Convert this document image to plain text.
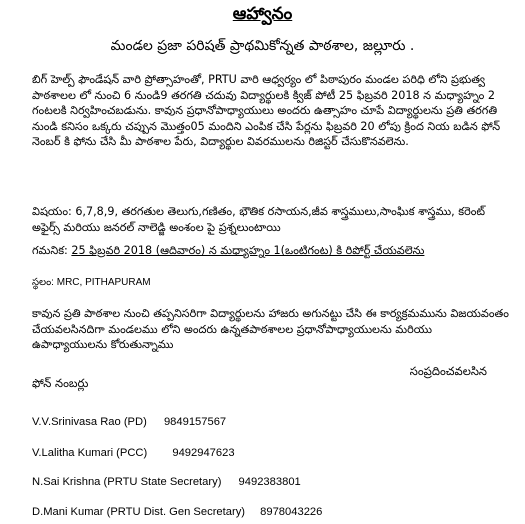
ఆహ్వానం
మండల ప్రజా పరిషత్ ప్రాథమికోన్నత పాఠశాల, జల్లూరు .
బిగ్ హెల్ప్ ఫౌండేషన్ వారి ప్రోత్సాహంతో, PRTU వారి ఆధ్వర్యం లో పిఠాపురం మండల పరిధి లోని ప్రభుత్వ పాఠశాలల లో నుంచి 6 నుండి9 తరగతి చదువు విద్యార్థులకి క్విజ్ పోటీ 25 ఫిబ్రవరి 2018 న మధ్యాహ్నం 2 గంటలకి నిర్వహించబడును. కావున ప్రధానోపాధ్యాయులు అందరు ఉత్సాహం చూపే విద్యార్థులను ప్రతి తరగతి నుండి కనిసం ఒక్కరు చప్పున మొత్తం05 మందిని ఎంపిక చేసి పేర్లను ఫిబ్రవరి 20 లోపు క్రింద నియ బడిన ఫోన్ నెంబర్ కి ఫోను చేసి మీ పాఠశాల పేరు, విద్యార్థుల వివరములను రిజిస్టర్ చేసుకొనవలెను.
విషయం: 6,7,8,9, తరగతుల తెలుగు,గణితం, భౌతిక రసాయన,జీవ శాస్త్రములు,సాంఘిక శాస్త్రము, కరెంట్ అఫైర్స్ మరియు జనరల్ నాలెడ్జి అంశంల పై ప్రశ్నలుంటాయి
గమనిక: 25 ఫిబ్రవరి 2018 (ఆదివారం) న మధ్యాహ్నం 1(ఒంటిగంట) కి రిపోర్ట్ చేయవలెను
స్థలం: MRC, PITHAPURAM
కావున ప్రతి పాఠశాల నుంచి తప్పనిసరిగా విద్యార్థులను హాజరు అగునట్టు చేసి ఈ కార్యక్రమమును విజయవంతం చేయవలసినదిగా మండలము లోని అందరు ఉన్నతపాఠశాలల ప్రధానోపాధ్యాయులను మరియు ఉపాధ్యాయులను కోరుతున్నాము
సంప్రదించవలసిన
ఫోన్ నంబర్లు
V.V.Srinivasa Rao (PD) 9849157567
V.Lalitha Kumari (PCC) 9492947623
N.Sai Krishna (PRTU State Secretary) 9492383801
D.Mani Kumar (PRTU Dist. Gen Secretary) 8978043226
